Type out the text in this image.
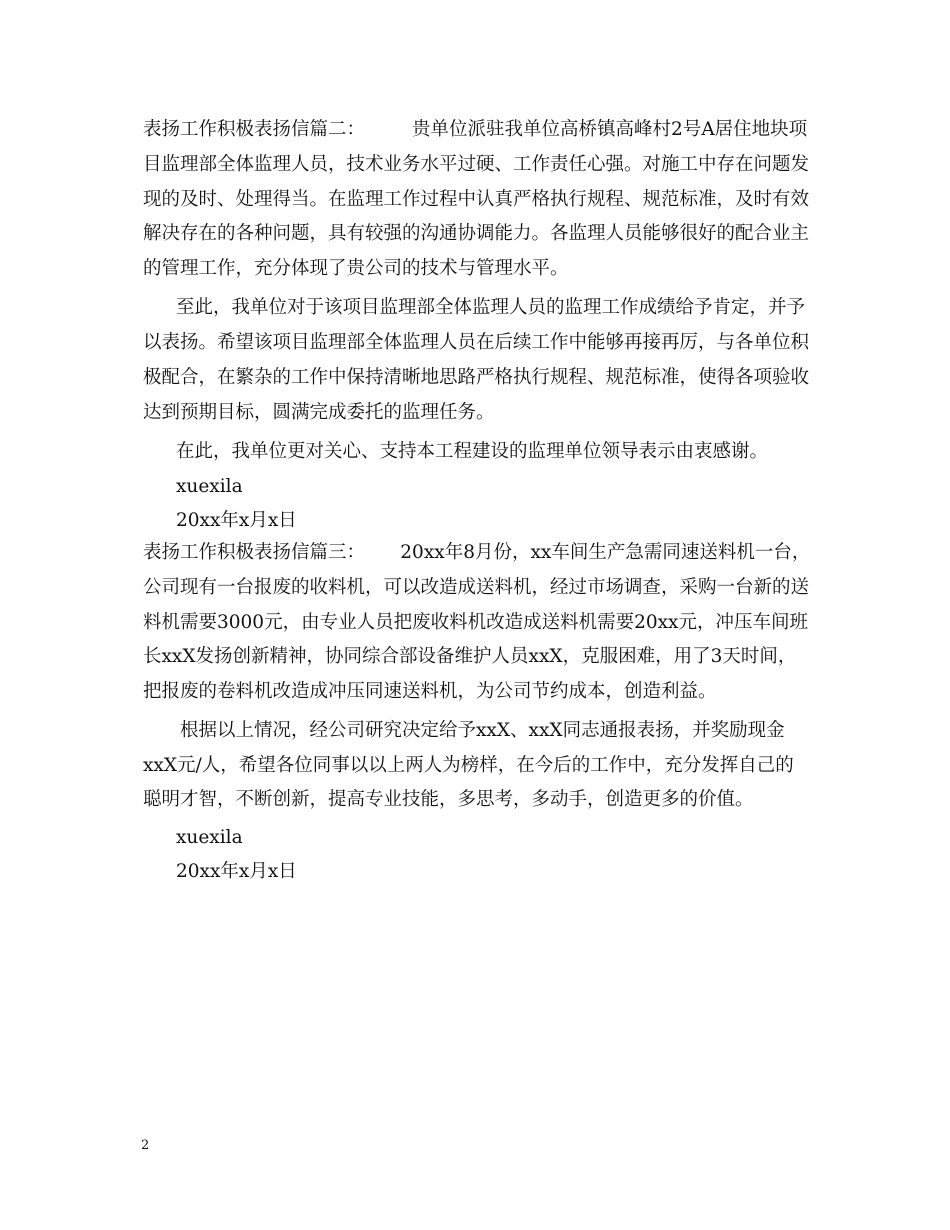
表扬工作积极表扬信篇二：        贵单位派驻我单位高桥镇高峰村2号A居住地块项
目监理部全体监理人员，技术业务水平过硬、工作责任心强。对施工中存在问题发
现的及时、处理得当。在监理工作过程中认真严格执行规程、规范标准，及时有效
解决存在的各种问题，具有较强的沟通协调能力。各监理人员能够很好的配合业主
的管理工作，充分体现了贵公司的技术与管理水平。
至此，我单位对于该项目监理部全体监理人员的监理工作成绩给予肯定，并予
以表扬。希望该项目监理部全体监理人员在后续工作中能够再接再厉，与各单位积
极配合，在繁杂的工作中保持清晰地思路严格执行规程、规范标准，使得各项验收
达到预期目标，圆满完成委托的监理任务。
在此，我单位更对关心、支持本工程建设的监理单位领导表示由衷感谢。
xuexila
20xx年x月x日
表扬工作积极表扬信篇三：      20xx年8月份，xx车间生产急需同速送料机一台，
公司现有一台报废的收料机，可以改造成送料机，经过市场调查，采购一台新的送
料机需要3000元，由专业人员把废收料机改造成送料机需要20xx元，冲压车间班
长xxX发扬创新精神，协同综合部设备维护人员xxX，克服困难，用了3天时间，
把报废的卷料机改造成冲压同速送料机，为公司节约成本，创造利益。
根据以上情况，经公司研究决定给予xxX、xxX同志通报表扬，并奖励现金
xxX元/人，希望各位同事以以上两人为榜样，在今后的工作中，充分发挥自己的
聪明才智，不断创新，提高专业技能，多思考，多动手，创造更多的价值。
xuexila
20xx年x月x日
2
